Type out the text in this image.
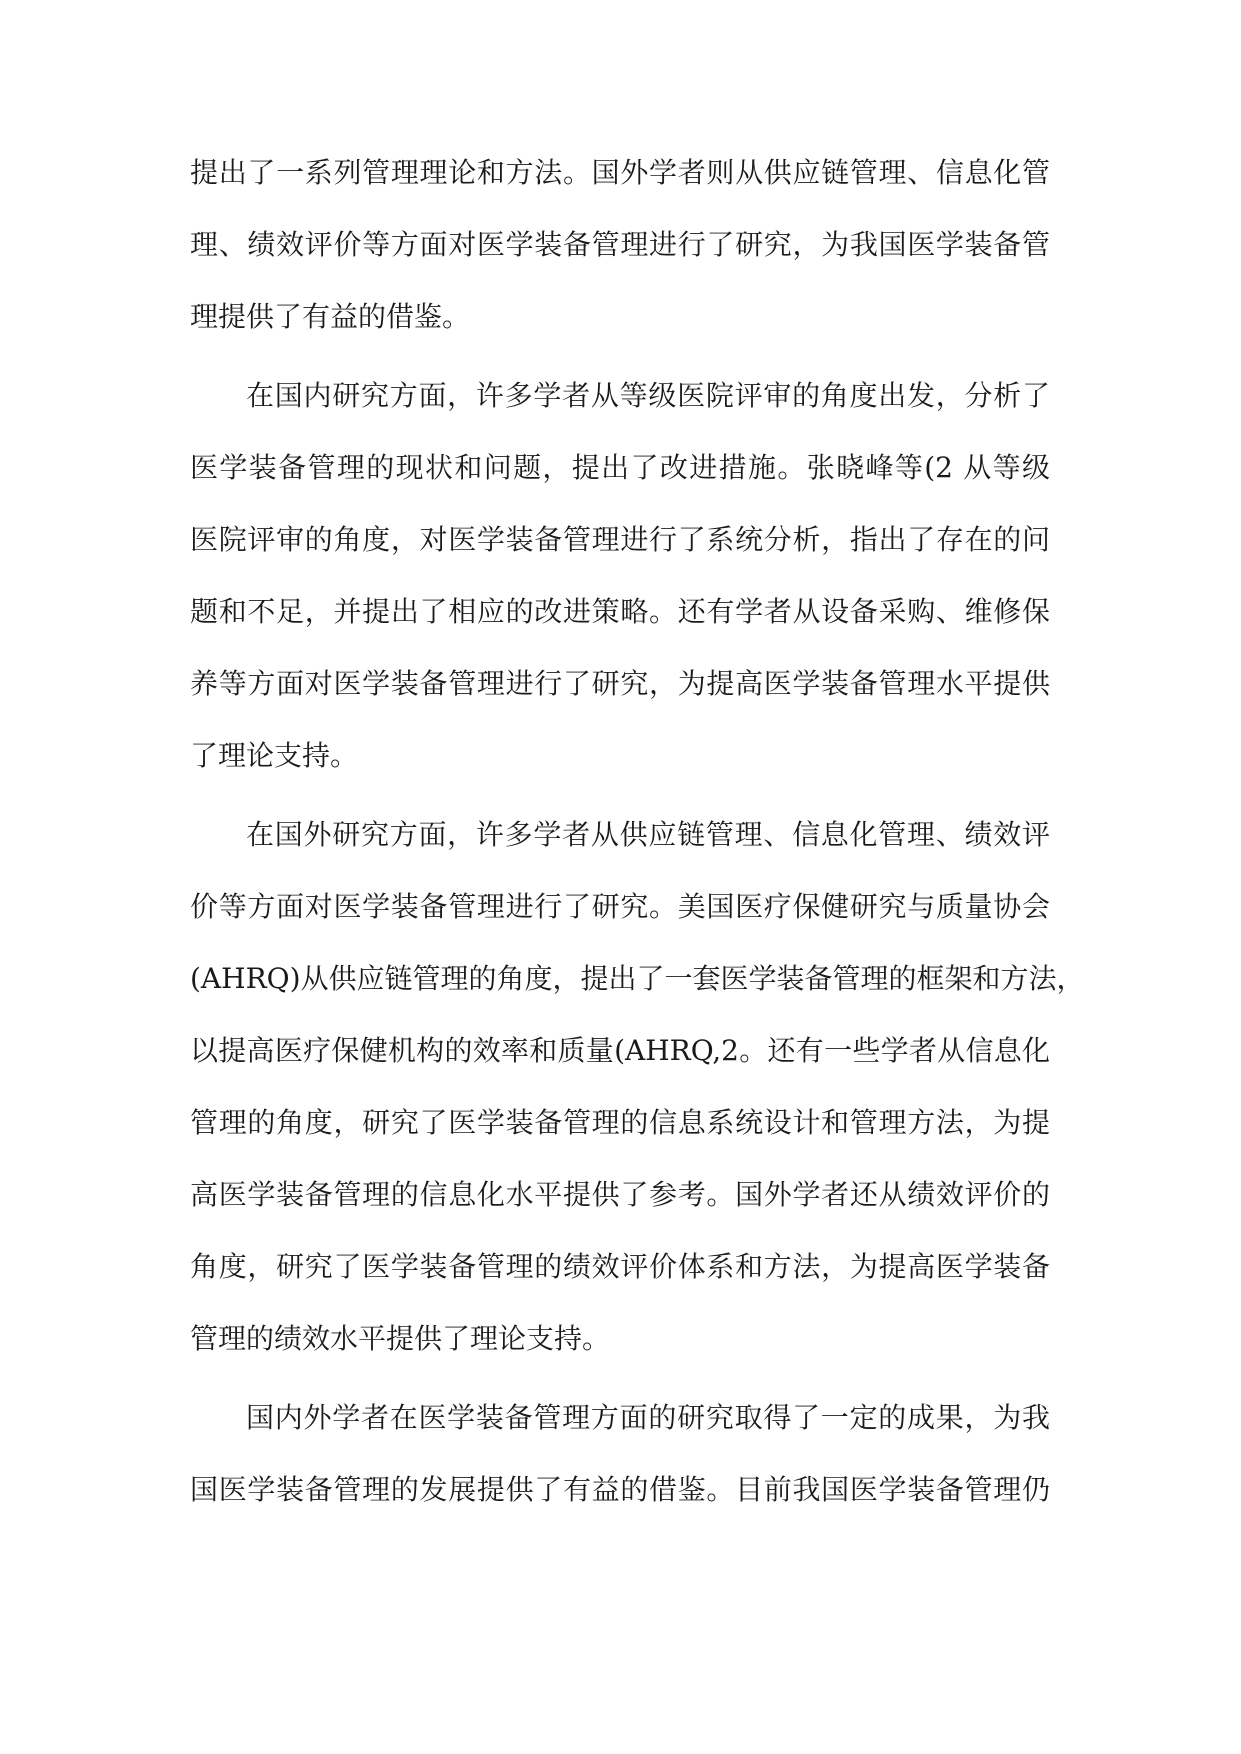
提出了一系列管理理论和方法。国外学者则从供应链管理、信息化管
理、绩效评价等方面对医学装备管理进行了研究，为我国医学装备管
理提供了有益的借鉴。
在国内研究方面，许多学者从等级医院评审的角度出发，分析了
医学装备管理的现状和问题，提出了改进措施。张晓峰等(2 从等级
医院评审的角度，对医学装备管理进行了系统分析，指出了存在的问
题和不足，并提出了相应的改进策略。还有学者从设备采购、维修保
养等方面对医学装备管理进行了研究，为提高医学装备管理水平提供
了理论支持。
在国外研究方面，许多学者从供应链管理、信息化管理、绩效评
价等方面对医学装备管理进行了研究。美国医疗保健研究与质量协会
(AHRQ)从供应链管理的角度，提出了一套医学装备管理的框架和方法，
以提高医疗保健机构的效率和质量(AHRQ,2。还有一些学者从信息化
管理的角度，研究了医学装备管理的信息系统设计和管理方法，为提
高医学装备管理的信息化水平提供了参考。国外学者还从绩效评价的
角度，研究了医学装备管理的绩效评价体系和方法，为提高医学装备
管理的绩效水平提供了理论支持。
国内外学者在医学装备管理方面的研究取得了一定的成果，为我
国医学装备管理的发展提供了有益的借鉴。目前我国医学装备管理仍
